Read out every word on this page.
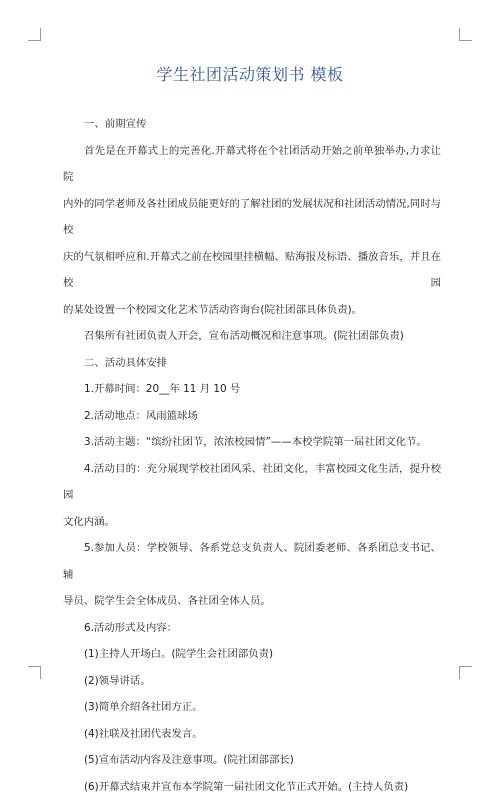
学生社团活动策划书 模板

一、前期宣传

首先是在开幕式上的完善化.开幕式将在个社团活动开始之前单独举办,力求让院

内外的同学老师及各社团成员能更好的了解社团的发展状况和社团活动情况,同时与校

庆的气氛相呼应和.开幕式之前在校园里挂横幅、贴海报及标语、播放音乐，并且在校园

的某处设置一个校园文化艺术节活动咨询台(院社团部具体负责)。

召集所有社团负责人开会，宣布活动概况和注意事项。(院社团部负责)

二、活动具体安排

1.开幕时间：20__年 11 月 10 号

2.活动地点：风雨篮球场

3.活动主题：“缤纷社团节，浓浓校园情”——本校学院第一届社团文化节。

4.活动目的：充分展现学校社团风采、社团文化，丰富校园文化生活，提升校园

文化内涵。

5.参加人员：学校领导、各系党总支负责人、院团委老师、各系团总支书记、辅

导员、院学生会全体成员、各社团全体人员。

6.活动形式及内容：

(1)主持人开场白。(院学生会社团部负责)

(2)领导讲话。

(3)简单介绍各社团方正。

(4)社联及社团代表发言。

(5)宣布活动内容及注意事项。(院社团部部长)

(6)开幕式结束并宣布本学院第一届社团文化节正式开始。(主持人负责)
